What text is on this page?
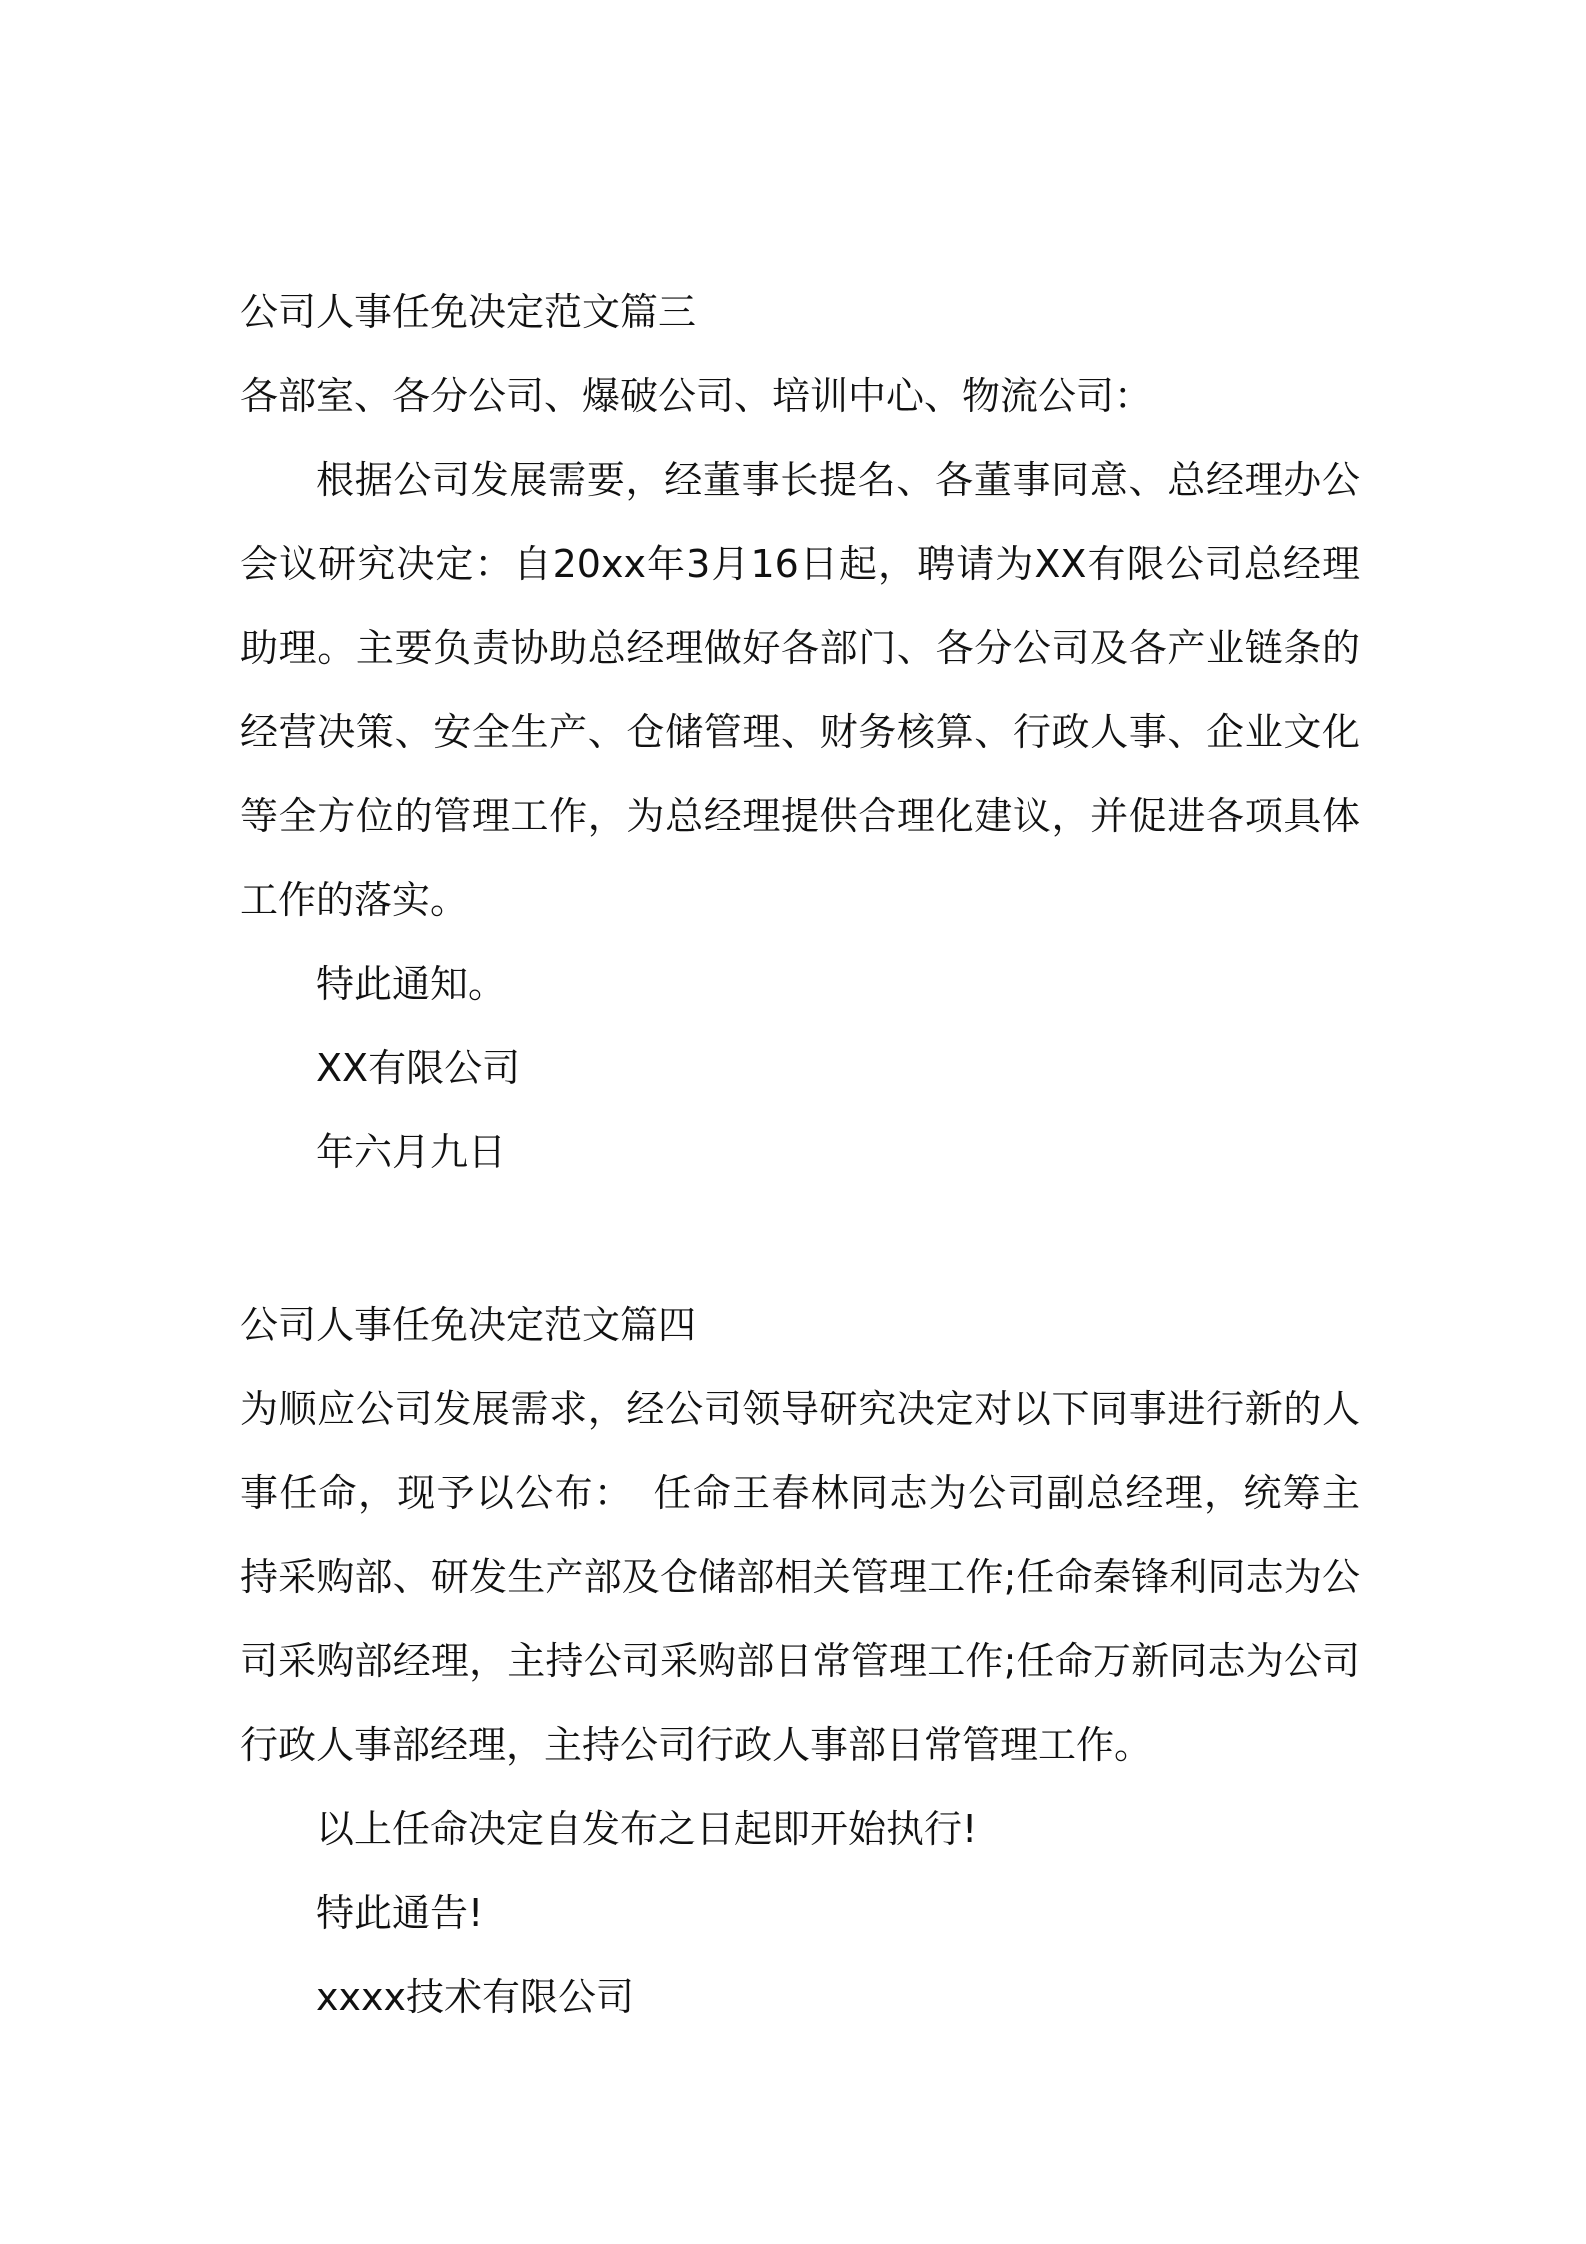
公司人事任免决定范文篇三

各部室、各分公司、爆破公司、培训中心、物流公司：

根据公司发展需要，经董事长提名、各董事同意、总经理办公会议研究决定：自20xx年3月16日起，聘请为XX有限公司总经理助理。主要负责协助总经理做好各部门、各分公司及各产业链条的经营决策、安全生产、仓储管理、财务核算、行政人事、企业文化等全方位的管理工作，为总经理提供合理化建议，并促进各项具体工作的落实。

特此通知。

XX有限公司

年六月九日

公司人事任免决定范文篇四

为顺应公司发展需求，经公司领导研究决定对以下同事进行新的人事任命，现予以公布：　任命王春林同志为公司副总经理，统筹主持采购部、研发生产部及仓储部相关管理工作;任命秦锋利同志为公司采购部经理，主持公司采购部日常管理工作;任命万新同志为公司行政人事部经理，主持公司行政人事部日常管理工作。

以上任命决定自发布之日起即开始执行!

特此通告!

xxxx技术有限公司
